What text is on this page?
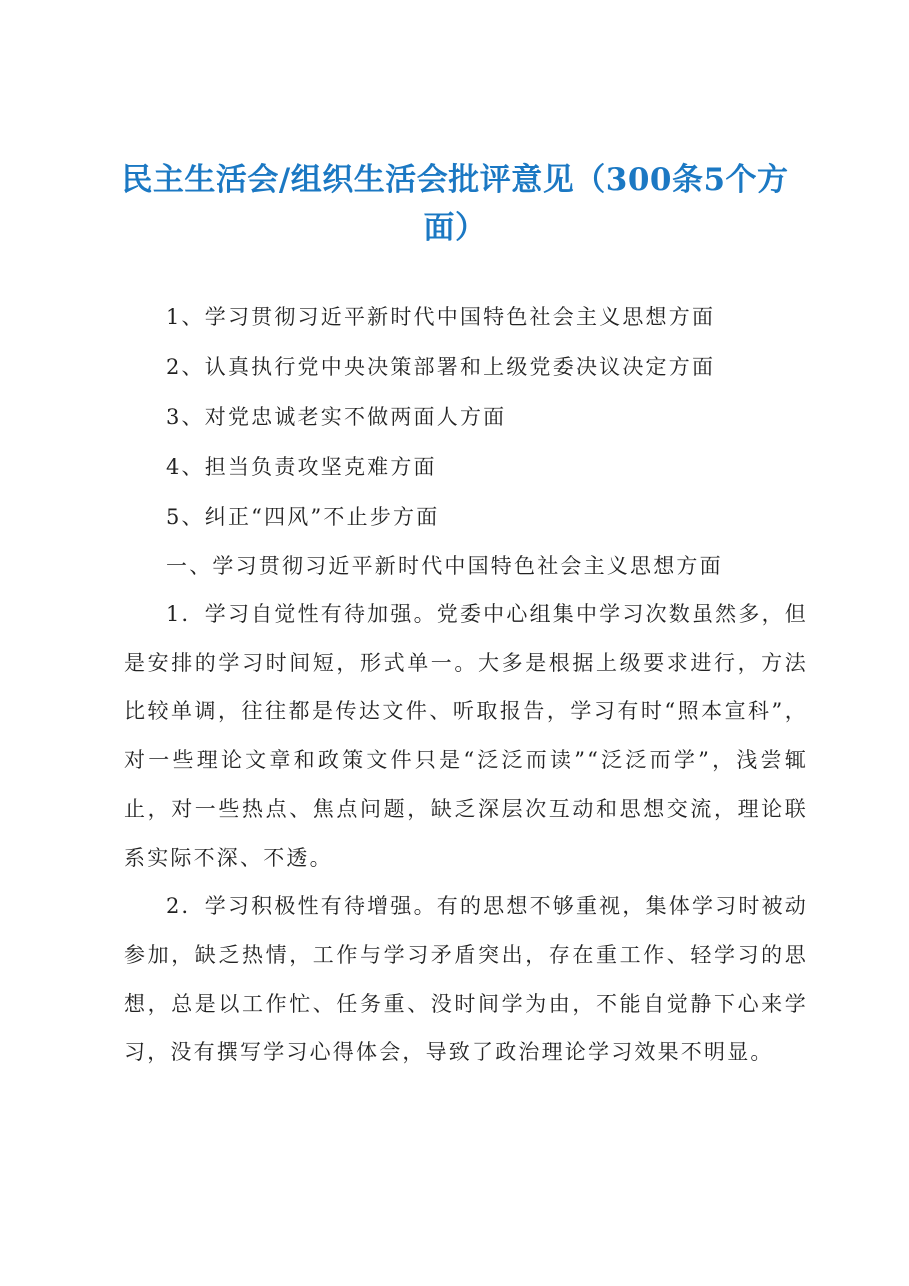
民主生活会/组织生活会批评意见（300条5个方面）

1、学习贯彻习近平新时代中国特色社会主义思想方面

2、认真执行党中央决策部署和上级党委决议决定方面

3、对党忠诚老实不做两面人方面

4、担当负责攻坚克难方面

5、纠正“四风”不止步方面

一、学习贯彻习近平新时代中国特色社会主义思想方面

1．学习自觉性有待加强。党委中心组集中学习次数虽然多，但是安排的学习时间短，形式单一。大多是根据上级要求进行，方法比较单调，往往都是传达文件、听取报告，学习有时“照本宣科”，对一些理论文章和政策文件只是“泛泛而读”“泛泛而学”，浅尝辄止，对一些热点、焦点问题，缺乏深层次互动和思想交流，理论联系实际不深、不透。

2．学习积极性有待增强。有的思想不够重视，集体学习时被动参加，缺乏热情，工作与学习矛盾突出，存在重工作、轻学习的思想，总是以工作忙、任务重、没时间学为由，不能自觉静下心来学习，没有撰写学习心得体会，导致了政治理论学习效果不明显。
